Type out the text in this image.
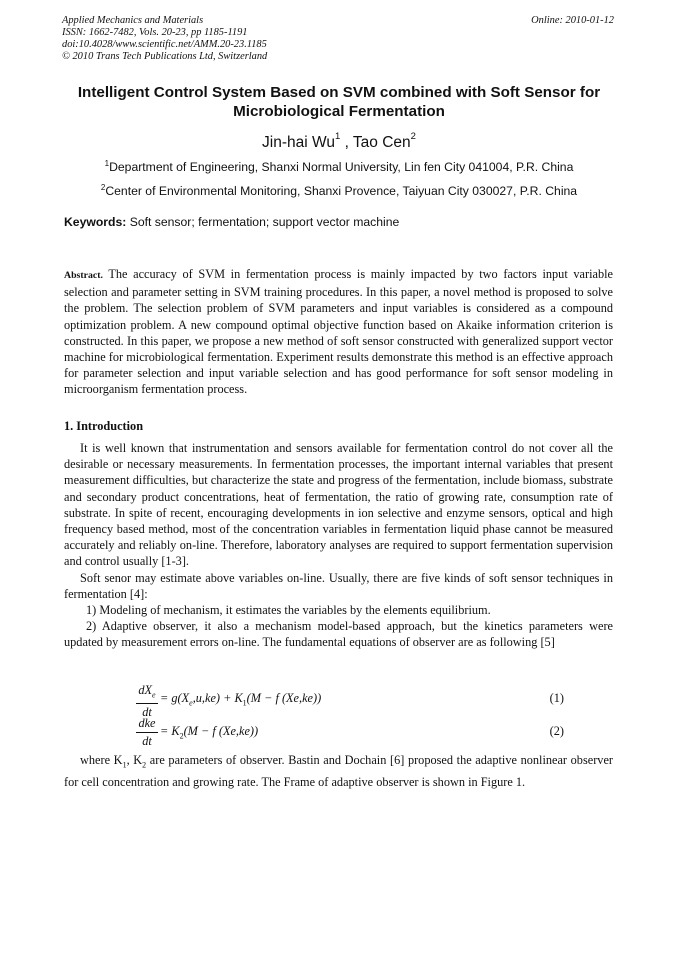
Applied Mechanics and Materials
ISSN: 1662-7482, Vols. 20-23, pp 1185-1191
doi:10.4028/www.scientific.net/AMM.20-23.1185
© 2010 Trans Tech Publications Ltd, Switzerland
Online: 2010-01-12
Intelligent Control System Based on SVM combined with Soft Sensor for
Microbiological Fermentation
Jin-hai Wu$^1$ , Tao Cen$^2$
$^1$Department of Engineering, Shanxi Normal University, Lin fen City 041004, P.R. China
$^2$Center of Environmental Monitoring, Shanxi Provence, Taiyuan City 030027, P.R. China
Keywords: Soft sensor; fermentation; support vector machine
Abstract. The accuracy of SVM in fermentation process is mainly impacted by two factors input variable selection and parameter setting in SVM training procedures. In this paper, a novel method is proposed to solve the problem. The selection problem of SVM parameters and input variables is considered as a compound optimization problem. A new compound optimal objective function based on Akaike information criterion is constructed. In this paper, we propose a new method of soft sensor constructed with generalized support vector machine for microbiological fermentation. Experiment results demonstrate this method is an effective approach for parameter selection and input variable selection and has good performance for soft sensor modeling in microorganism fermentation process.
1. Introduction

It is well known that instrumentation and sensors available for fermentation control do not cover all the desirable or necessary measurements. In fermentation processes, the important internal variables that present measurement difficulties, but characterize the state and progress of the fermentation, include biomass, substrate and secondary product concentrations, heat of fermentation, the ratio of growing rate, consumption rate of substrate. In spite of recent, encouraging developments in ion selective and enzyme sensors, optical and high frequency based method, most of the concentration variables in fermentation liquid phase cannot be measured accurately and reliably on-line. Therefore, laboratory analyses are required to support fermentation supervision and control usually [1-3].

Soft senor may estimate above variables on-line. Usually, there are five kinds of soft sensor techniques in fermentation [4]:

1) Modeling of mechanism, it estimates the variables by the elements equilibrium.

2) Adaptive observer, it also a mechanism model-based approach, but the kinetics parameters were updated by measurement errors on-line. The fundamental equations of observer are as following [5]

$dX_e$
dt
= $g(X_e,u,ke) + K_1(M - f$ (Xe,ke))	(1)
dke
dt
= $K_2(M - f$ (Xe,ke))	(2)

where $K_1$, $K_2$ are parameters of observer. Bastin and Dochain [6] proposed the adaptive nonlinear observer for cell concentration and growing rate. The Frame of adaptive observer is shown in Figure 1.
